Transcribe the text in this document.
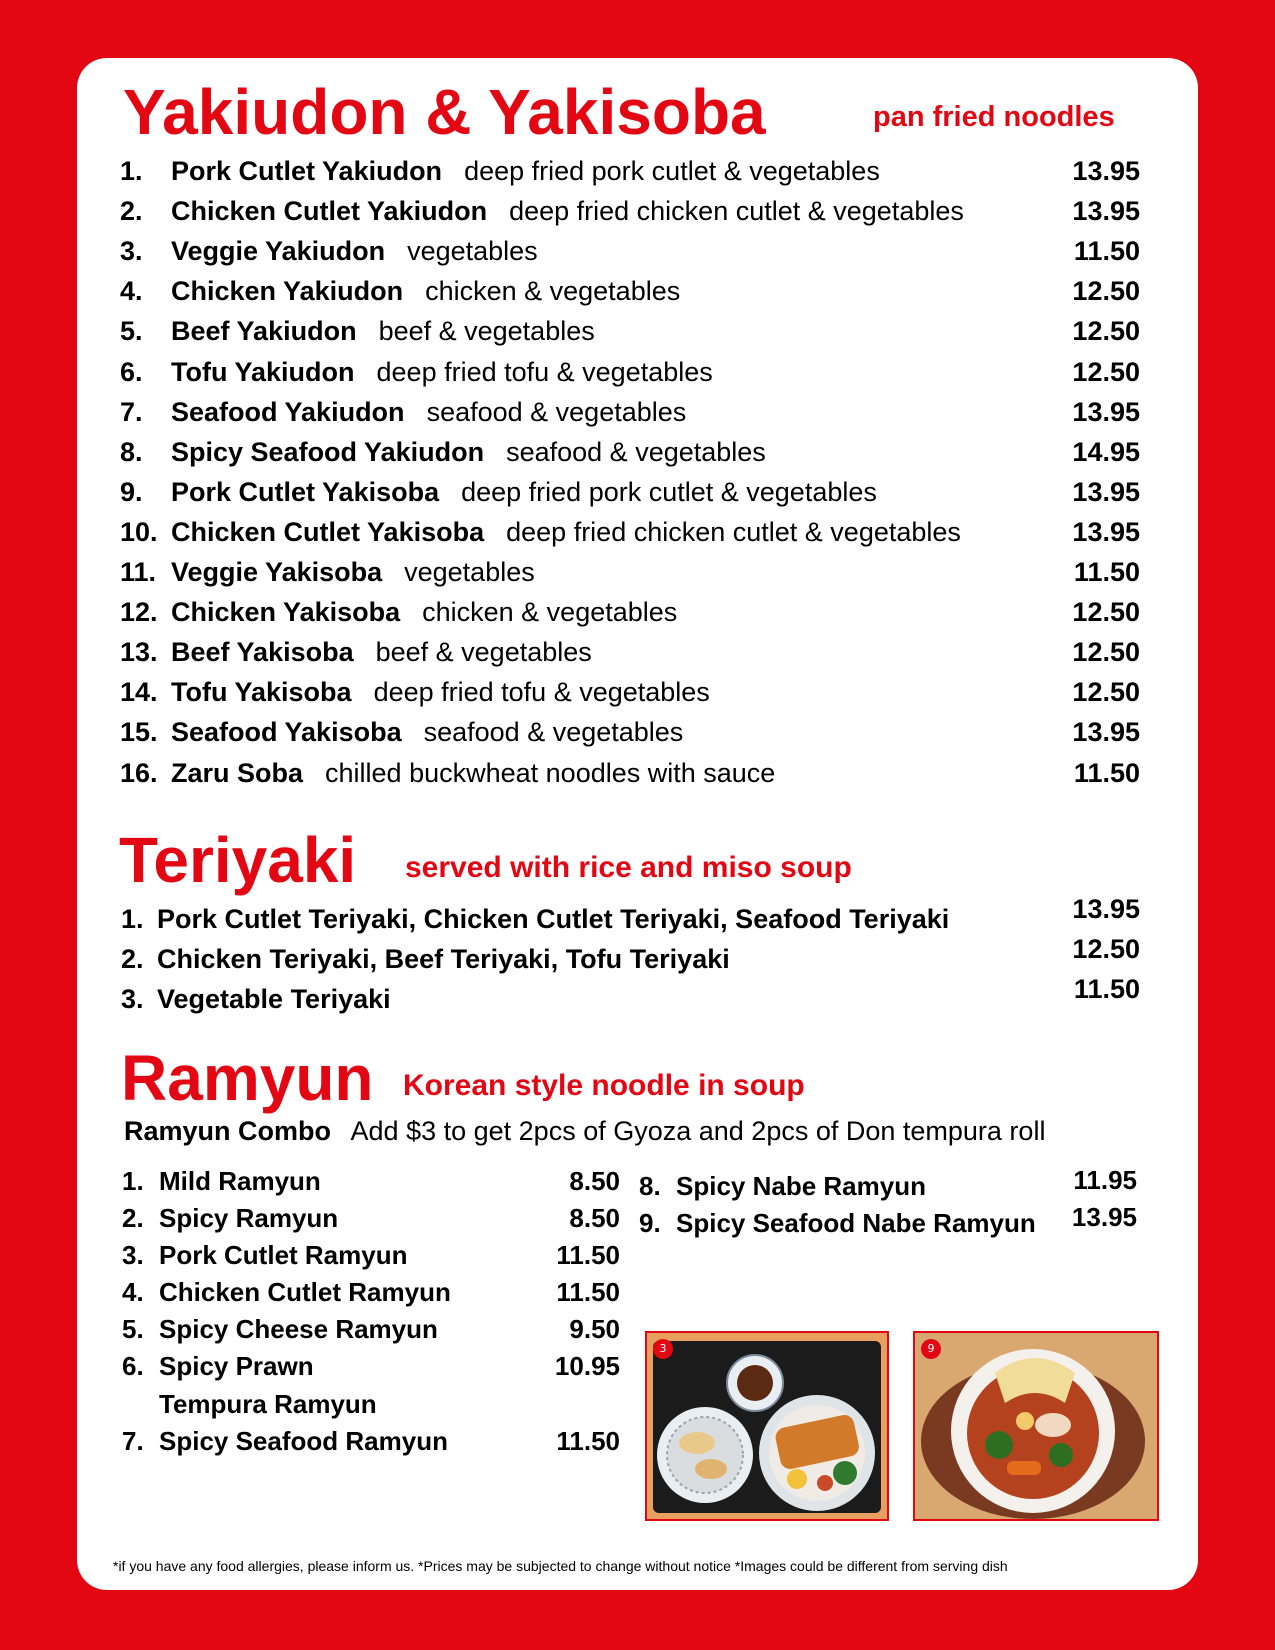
Yakiudon & Yakisoba	pan fried noodles
1. Pork Cutlet Yakiudon deep fried pork cutlet & vegetables	13.95
2. Chicken Cutlet Yakiudon deep fried chicken cutlet & vegetables	13.95
3. Veggie Yakiudon vegetables	11.50
4. Chicken Yakiudon chicken & vegetables	12.50
5. Beef Yakiudon beef & vegetables	12.50
6. Tofu Yakiudon deep fried tofu & vegetables	12.50
7. Seafood Yakiudon seafood & vegetables	13.95
8. Spicy Seafood Yakiudon seafood & vegetables	14.95
9. Pork Cutlet Yakisoba deep fried pork cutlet & vegetables	13.95
10. Chicken Cutlet Yakisoba deep fried chicken cutlet & vegetables	13.95
11. Veggie Yakisoba vegetables	11.50
12. Chicken Yakisoba chicken & vegetables	12.50
13. Beef Yakisoba beef & vegetables	12.50
14. Tofu Yakisoba deep fried tofu & vegetables	12.50
15. Seafood Yakisoba seafood & vegetables	13.95
16. Zaru Soba chilled buckwheat noodles with sauce	11.50
Teriyaki served with rice and miso soup
1. Pork Cutlet Teriyaki, Chicken Cutlet Teriyaki, Seafood Teriyaki	13.95
2. Chicken Teriyaki, Beef Teriyaki, Tofu Teriyaki	12.50
3. Vegetable Teriyaki	11.50
Ramyun Korean style noodle in soup
Ramyun Combo Add $3 to get 2pcs of Gyoza and 2pcs of Don tempura roll
1. Mild Ramyun	8.50
2. Spicy Ramyun	8.50
3. Pork Cutlet Ramyun	11.50
4. Chicken Cutlet Ramyun	11.50
5. Spicy Cheese Ramyun	9.50
6. Spicy Prawn	10.95
Tempura Ramyun
7. Spicy Seafood Ramyun	11.50
8. Spicy Nabe Ramyun	11.95
9. Spicy Seafood Nabe Ramyun 13.95
3	9
*if you have any food allergies, please inform us. *Prices may be subjected to change without notice *Images could be different from serving dish
